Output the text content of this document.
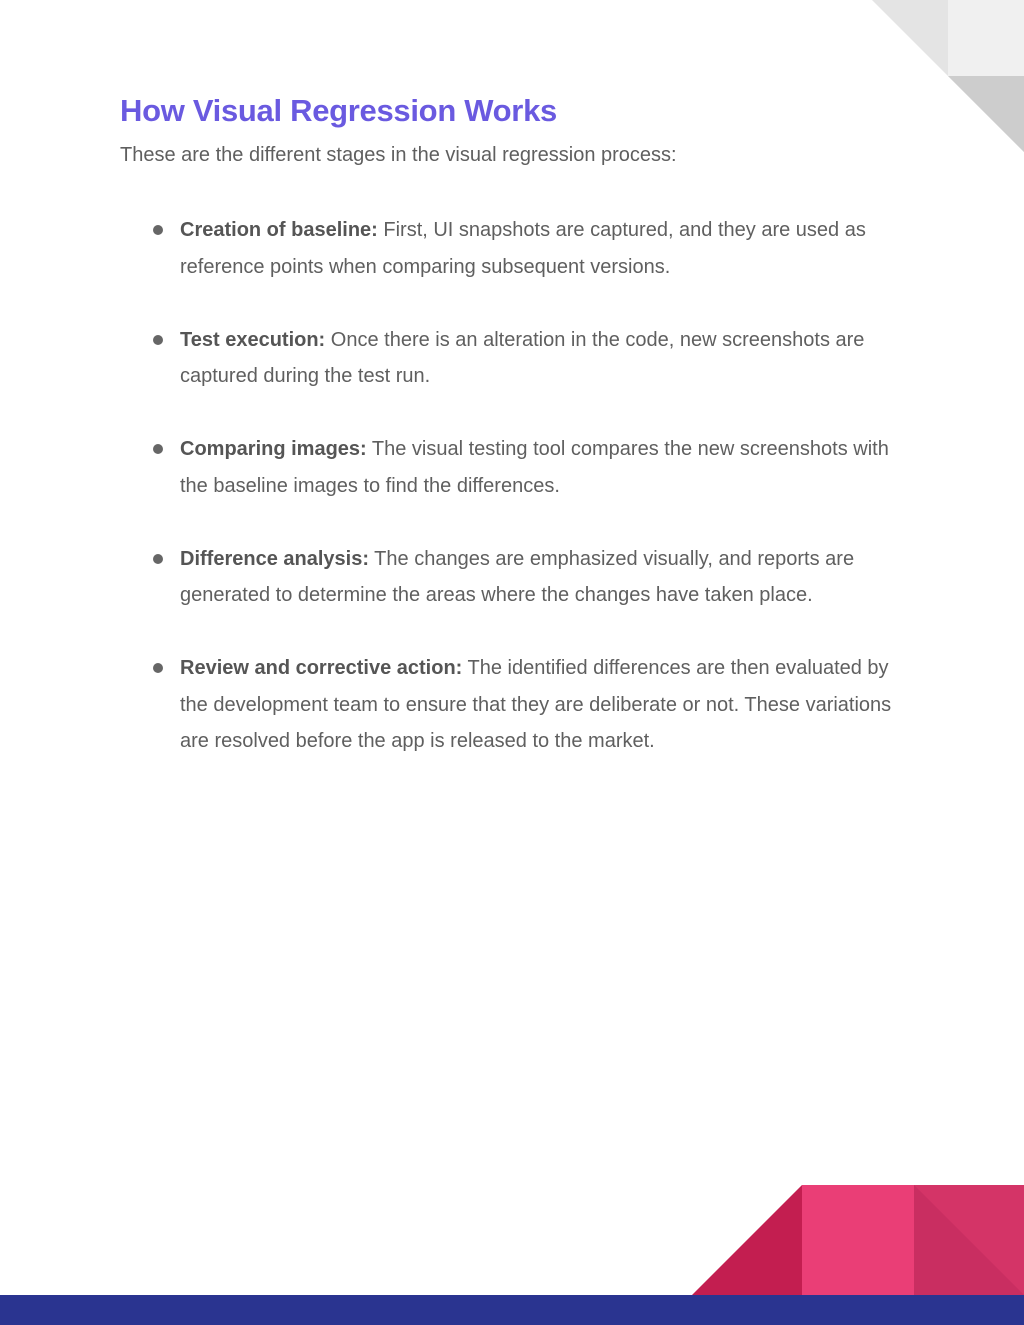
How Visual Regression Works

These are the different stages in the visual regression process:

Creation of baseline: First, UI snapshots are captured, and they are used as reference points when comparing subsequent versions.
Test execution: Once there is an alteration in the code, new screenshots are captured during the test run.
Comparing images: The visual testing tool compares the new screenshots with the baseline images to find the differences.
Difference analysis: The changes are emphasized visually, and reports are generated to determine the areas where the changes have taken place.
Review and corrective action: The identified differences are then evaluated by the development team to ensure that they are deliberate or not. These variations are resolved before the app is released to the market.
